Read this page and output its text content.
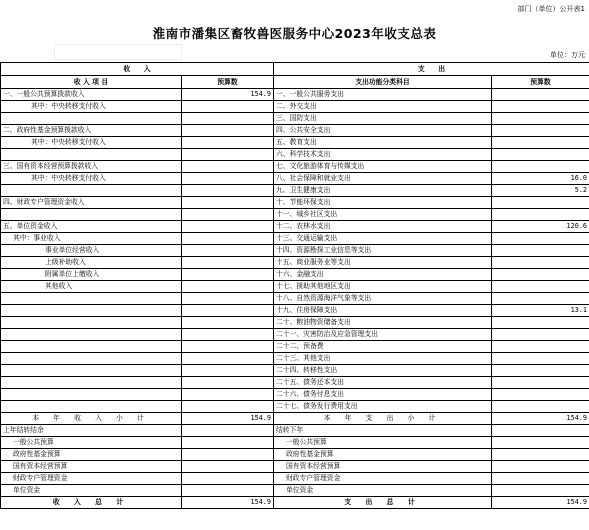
部门（单位）公开表1
淮南市潘集区畜牧兽医服务中心2023年收支总表
单位：万元
收　　入		支　　出	
收 入 项 目	预算数	支出功能分类科目	预算数
一、一般公共预算拨款收入	154.9	一、一般公共服务支出	
其中：中央转移支付收入		二、外交支出	
		三、国防支出	
二、政府性基金预算拨款收入		四、公共安全支出	
其中：中央转移支付收入		五、教育支出	
		六、科学技术支出	
三、国有资本经营预算拨款收入		七、文化旅游体育与传媒支出	
其中：中央转移支付收入		八、社会保障和就业支出	16.0
		九、卫生健康支出	5.2
四、财政专户管理资金收入		十、节能环保支出	
		十一、城乡社区支出	
五、单位资金收入		十二、农林水支出	120.6
其中：事业收入		十三、交通运输支出	
事业单位经营收入		十四、资源勘探工业信息等支出	
上级补助收入		十五、商业服务业等支出	
附属单位上缴收入		十六、金融支出	
其他收入		十七、援助其他地区支出	
		十八、自然资源海洋气象等支出	
		十九、住房保障支出	13.1
		二十、粮油物资储备支出	
		二十一、灾害防治及应急管理支出	
		二十二、预备费	
		二十三、其他支出	
		二十四、转移性支出	
		二十五、债务还本支出	
		二十六、债务付息支出	
		二十七、债务发行费用支出	
本 年 收 入 小 计	154.9	本 年 支 出 小 计	154.9
上年结转结余		结转下年	
一般公共预算		一般公共预算	
政府性基金预算		政府性基金预算	
国有资本经营预算		国有资本经营预算	
财政专户管理资金		财政专户管理资金	
单位资金		单位资金	
收 入 总 计	154.9	支 出 总 计	154.9
